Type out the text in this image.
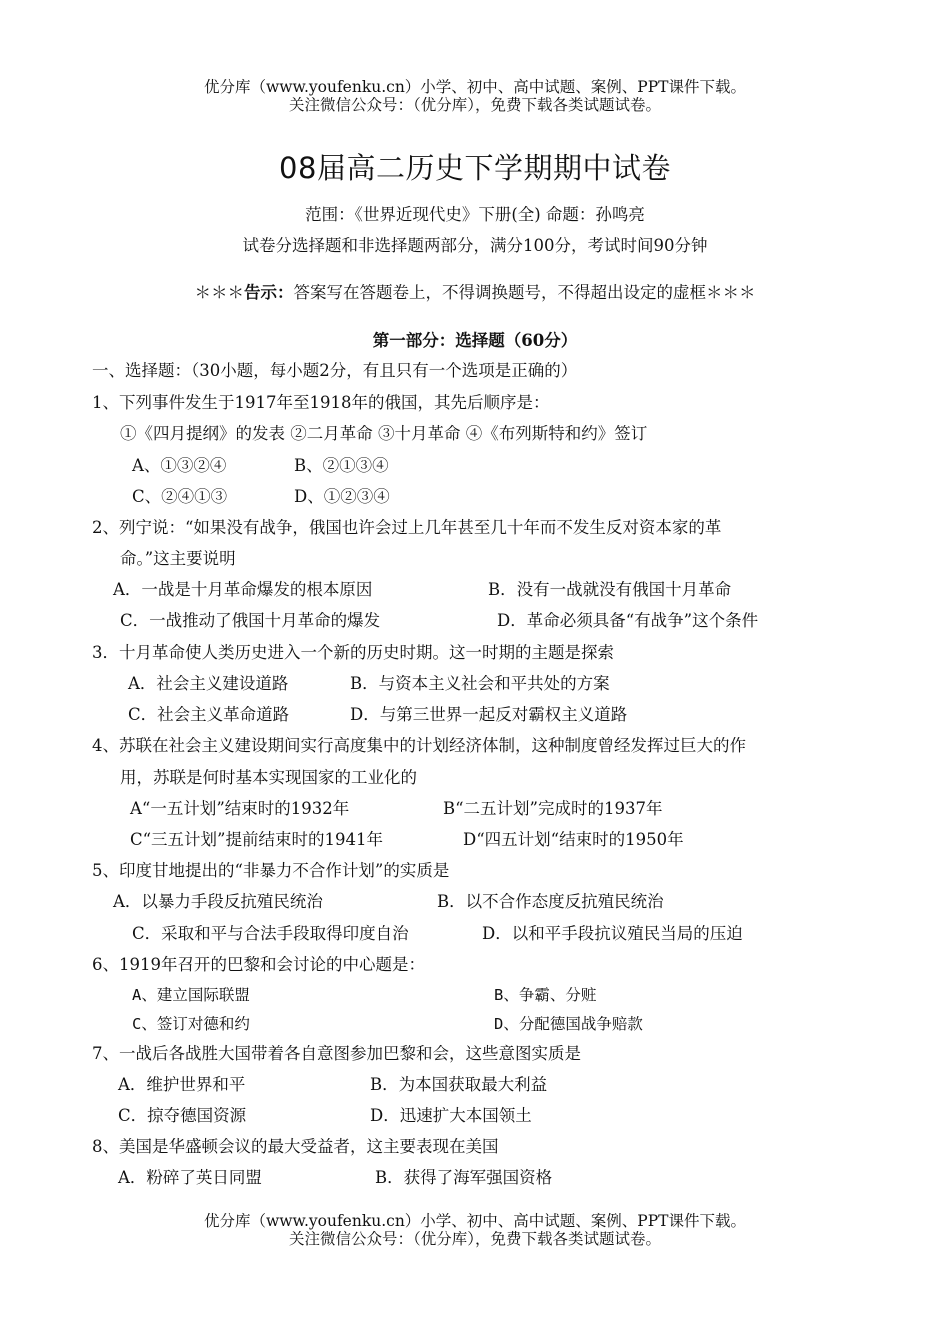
优分库（www.youfenku.cn）小学、初中、高中试题、案例、PPT课件下载。
关注微信公众号：（优分库），免费下载各类试题试卷。
08届高二历史下学期期中试卷
范围：《世界近现代史》下册(全) 命题：孙鸣亮
试卷分选择题和非选择题两部分，满分100分，考试时间90分钟
＊＊＊告示：答案写在答题卷上，不得调换题号，不得超出设定的虚框＊＊＊
第一部分：选择题（60分）
一、选择题：（30小题，每小题2分，有且只有一个选项是正确的）
1、下列事件发生于1917年至1918年的俄国，其先后顺序是：
①《四月提纲》的发表 ②二月革命 ③十月革命 ④《布列斯特和约》签订
A、①③②④	B、②①③④
C、②④①③	D、①②③④
2、列宁说：“如果没有战争，俄国也许会过上几年甚至几十年而不发生反对资本家的革
命。”这主要说明
A．一战是十月革命爆发的根本原因	B．没有一战就没有俄国十月革命
C．一战推动了俄国十月革命的爆发	D．革命必须具备“有战争”这个条件
3．十月革命使人类历史进入一个新的历史时期。这一时期的主题是探索
A．社会主义建设道路	B．与资本主义社会和平共处的方案
C．社会主义革命道路	D．与第三世界一起反对霸权主义道路
4、苏联在社会主义建设期间实行高度集中的计划经济体制，这种制度曾经发挥过巨大的作
用，苏联是何时基本实现国家的工业化的
A“一五计划”结束时的1932年	B“二五计划”完成时的1937年
C“三五计划”提前结束时的1941年	D“四五计划“结束时的1950年
5、印度甘地提出的“非暴力不合作计划”的实质是
A．以暴力手段反抗殖民统治	B．以不合作态度反抗殖民统治
C．采取和平与合法手段取得印度自治	D．以和平手段抗议殖民当局的压迫
6、1919年召开的巴黎和会讨论的中心题是：
A、建立国际联盟	B、争霸、分赃
C、签订对德和约	D、分配德国战争赔款
7、一战后各战胜大国带着各自意图参加巴黎和会，这些意图实质是
A．维护世界和平	B．为本国获取最大利益
C．掠夺德国资源	D．迅速扩大本国领土
8、美国是华盛顿会议的最大受益者，这主要表现在美国
A．粉碎了英日同盟	B．获得了海军强国资格
优分库（www.youfenku.cn）小学、初中、高中试题、案例、PPT课件下载。
关注微信公众号：（优分库），免费下载各类试题试卷。
